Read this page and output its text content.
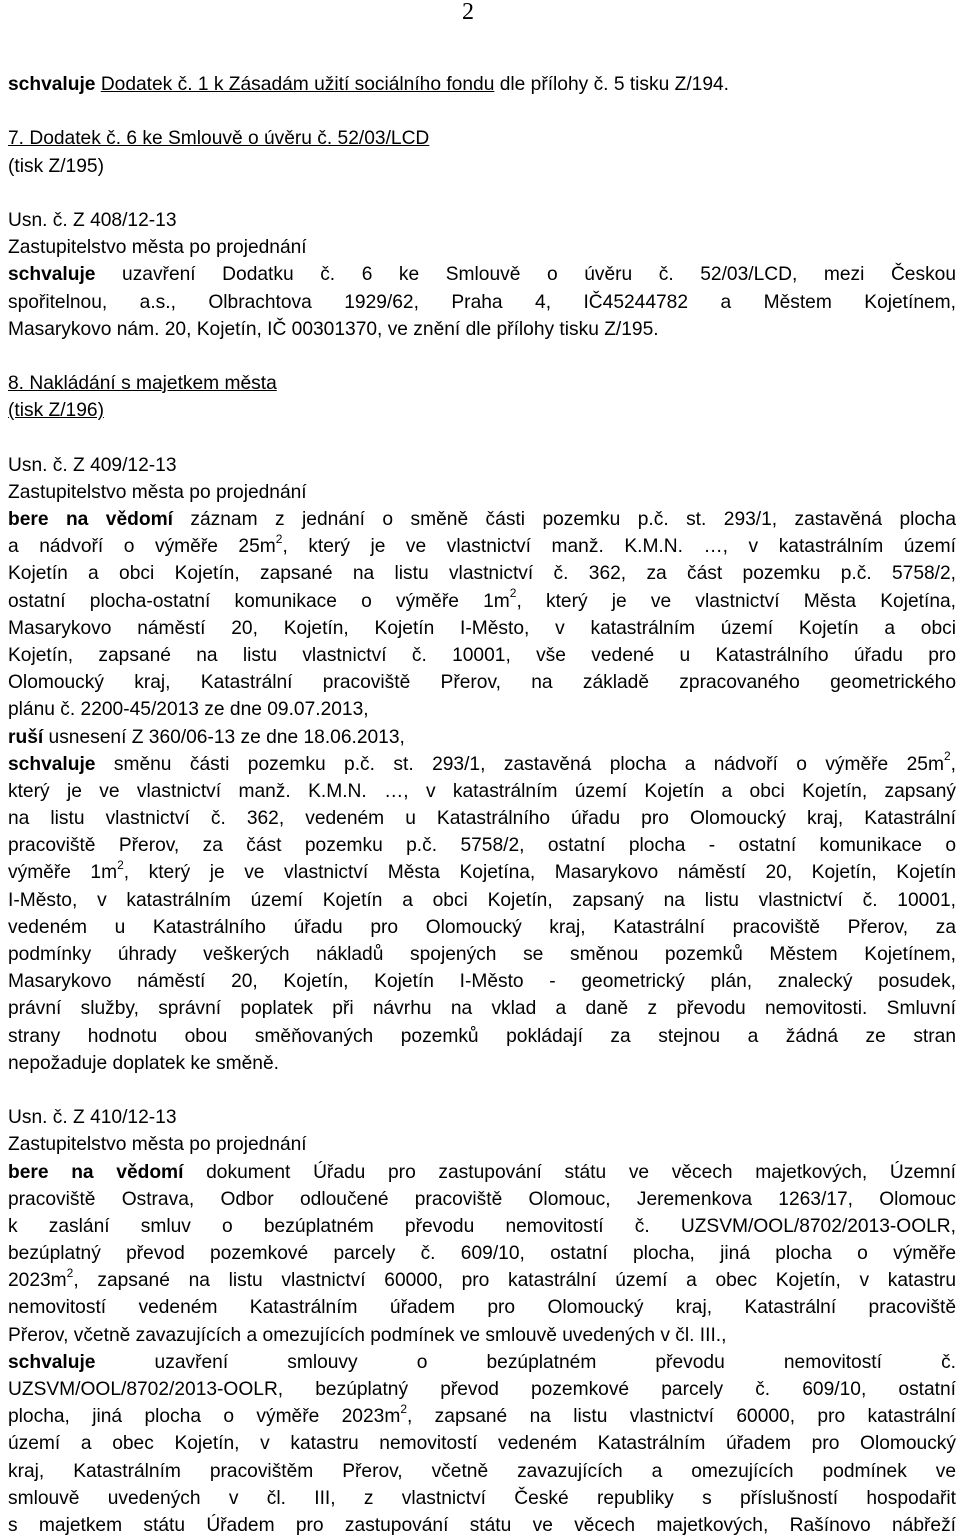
2
schvaluje Dodatek č. 1 k Zásadám užití sociálního fondu dle přílohy č. 5 tisku Z/194.
7. Dodatek č. 6 ke Smlouvě o úvěru č. 52/03/LCD
(tisk Z/195)
Usn. č. Z 408/12-13
Zastupitelstvo města po projednání
schvaluje uzavření Dodatku č. 6 ke Smlouvě o úvěru č. 52/03/LCD, mezi Českou
spořitelnou, a.s., Olbrachtova 1929/62, Praha 4, IČ45244782 a Městem Kojetínem,
Masarykovo nám. 20, Kojetín, IČ 00301370, ve znění dle přílohy tisku Z/195.
8. Nakládání s majetkem města
(tisk Z/196)
Usn. č. Z 409/12-13
Zastupitelstvo města po projednání
bere na vědomí záznam z jednání o směně části pozemku p.č. st. 293/1, zastavěná plocha
a nádvoří o výměře $25m^2$, který je ve vlastnictví manž. K.M.N. …, v katastrálním území
Kojetín a obci Kojetín, zapsané na listu vlastnictví č. 362, za část pozemku p.č. 5758/2,
ostatní plocha-ostatní komunikace o výměře $1m^2$, který je ve vlastnictví Města Kojetína,
Masarykovo náměstí 20, Kojetín, Kojetín I-Město, v katastrálním území Kojetín a obci
Kojetín, zapsané na listu vlastnictví č. 10001, vše vedené u Katastrálního úřadu pro
Olomoucký kraj, Katastrální pracoviště Přerov, na základě zpracovaného geometrického
plánu č. 2200-45/2013 ze dne 09.07.2013,
ruší usnesení Z 360/06-13 ze dne 18.06.2013,
schvaluje směnu části pozemku p.č. st. 293/1, zastavěná plocha a nádvoří o výměře $25m^2$,
který je ve vlastnictví manž. K.M.N. …, v katastrálním území Kojetín a obci Kojetín, zapsaný
na listu vlastnictví č. 362, vedeném u Katastrálního úřadu pro Olomoucký kraj, Katastrální
pracoviště Přerov, za část pozemku p.č. 5758/2, ostatní plocha - ostatní komunikace o
výměře $1m^2$, který je ve vlastnictví Města Kojetína, Masarykovo náměstí 20, Kojetín, Kojetín
I-Město, v katastrálním území Kojetín a obci Kojetín, zapsaný na listu vlastnictví č. 10001,
vedeném u Katastrálního úřadu pro Olomoucký kraj, Katastrální pracoviště Přerov, za
podmínky úhrady veškerých nákladů spojených se směnou pozemků Městem Kojetínem,
Masarykovo náměstí 20, Kojetín, Kojetín I-Město - geometrický plán, znalecký posudek,
právní služby, správní poplatek při návrhu na vklad a daně z převodu nemovitosti. Smluvní
strany hodnotu obou směňovaných pozemků pokládají za stejnou a žádná ze stran
nepožaduje doplatek ke směně.
Usn. č. Z 410/12-13
Zastupitelstvo města po projednání
bere na vědomí dokument Úřadu pro zastupování státu ve věcech majetkových, Územní
pracoviště Ostrava, Odbor odloučené pracoviště Olomouc, Jeremenkova 1263/17, Olomouc
k zaslání smluv o bezúplatném převodu nemovitostí č. UZSVM/OOL/8702/2013-OOLR,
bezúplatný převod pozemkové parcely č. 609/10, ostatní plocha, jiná plocha o výměře
$2023m^2$, zapsané na listu vlastnictví 60000, pro katastrální území a obec Kojetín, v katastru
nemovitostí vedeném Katastrálním úřadem pro Olomoucký kraj, Katastrální pracoviště
Přerov, včetně zavazujících a omezujících podmínek ve smlouvě uvedených v čl. III.,
schvaluje uzavření smlouvy o bezúplatném převodu nemovitostí č.
UZSVM/OOL/8702/2013-OOLR, bezúplatný převod pozemkové parcely č. 609/10, ostatní
plocha, jiná plocha o výměře $2023m^2$, zapsané na listu vlastnictví 60000, pro katastrální
území a obec Kojetín, v katastru nemovitostí vedeném Katastrálním úřadem pro Olomoucký
kraj, Katastrálním pracovištěm Přerov, včetně zavazujících a omezujících podmínek ve
smlouvě uvedených v čl. III, z vlastnictví České republiky s příslušností hospodařit
s majetkem státu Úřadem pro zastupování státu ve věcech majetkových, Rašínovo nábřeží
